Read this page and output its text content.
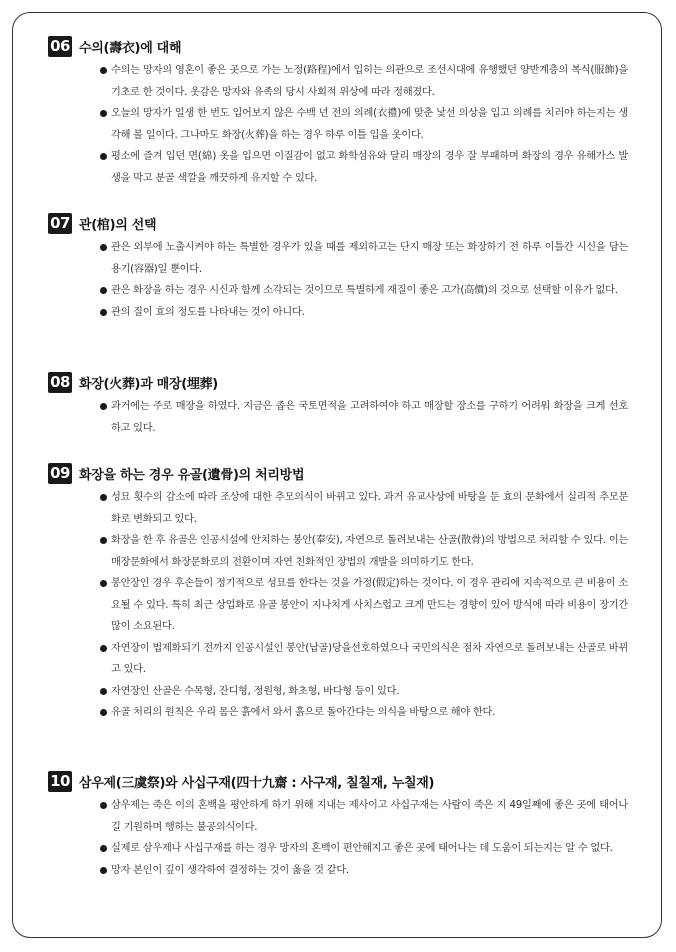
06 수의(壽衣)에 대해
수의는 망자의 영혼이 좋은 곳으로 가는 노정(路程)에서 입히는 의관으로 조선시대에 유행했던 양반계층의 복식(服飾)을 기초로 한 것이다. 옷감은 망자와 유족의 당시 사회적 위상에 따라 정해졌다.
오늘의 망자가 일생 한 번도 입어보지 않은 수백 년 전의 의례(衣禮)에 맞춘 낯선 의상을 입고 의례를 치러야 하는지는 생각해 볼 일이다. 그나마도 화장(火葬)을 하는 경우 하루 이틀 입을 옷이다.
평소에 즐겨 입던 면(綿) 옷을 입으면 이질감이 없고 화학섬유와 달리 매장의 경우 잘 부패하며 화장의 경우 유해가스 발생을 막고 분골 색깔을 깨끗하게 유지할 수 있다.
07 관(棺)의 선택
관은 외부에 노출시켜야 하는 특별한 경우가 있을 때를 제외하고는 단지 매장 또는 화장하기 전 하루 이틀간 시신을 담는 용기(容器)일 뿐이다.
관은 화장을 하는 경우 시신과 함께 소각되는 것이므로 특별하게 재질이 좋은 고가(高價)의 것으로 선택할 이유가 없다.
관의 질이 효의 정도를 나타내는 것이 아니다.
08 화장(火葬)과 매장(埋葬)
과거에는 주로 매장을 하였다. 지금은 좁은 국토면적을 고려하여야 하고 매장할 장소를 구하기 어려워 화장을 크게 선호하고 있다.
09 화장을 하는 경우 유골(遺骨)의 처리방법
성묘 횟수의 감소에 따라 조상에 대한 추모의식이 바뀌고 있다. 과거 유교사상에 바탕을 둔 효의 문화에서 실리적 추모문화로 변화되고 있다.
화장을 한 후 유골은 인공시설에 안치하는 봉안(奉安), 자연으로 돌려보내는 산골(散骨)의 방법으로 처리할 수 있다. 이는 매장문화에서 화장문화로의 전환이며 자연 친화적인 장법의 개발을 의미하기도 한다.
봉안장인 경우 후손들이 정기적으로 성묘를 한다는 것을 가정(假定)하는 것이다. 이 경우 관리에 지속적으로 큰 비용이 소요될 수 있다. 특히 최근 상업화로 유골 봉안이 지나치게 사치스럽고 크게 만드는 경향이 있어 방식에 따라 비용이 장기간 많이 소요된다.
자연장이 법제화되기 전까지 인공시설인 봉안(납골)당을선호하였으나 국민의식은 점차 자연으로 돌려보내는 산골로 바뀌고 있다.
자연장인 산골은 수목형, 잔디형, 정원형, 화초형, 바다형 등이 있다.
유골 처리의 원칙은 우리 몸은 흙에서 와서 흙으로 돌아간다는 의식을 바탕으로 해야 한다.
10 삼우제(三虞祭)와 사십구재(四十九齋 : 사구재, 칠칠재, 누칠재)
삼우제는 죽은 이의 혼백을 평안하게 하기 위해 지내는 제사이고 사십구재는 사람이 죽은 지 49일째에 좋은 곳에 태어나길 기원하며 행하는 불공의식이다.
실제로 삼우제나 사십구재를 하는 경우 망자의 혼백이 편안해지고 좋은 곳에 태어나는 데 도움이 되는지는 알 수 없다.
망자 본인이 깊이 생각하여 결정하는 것이 옳을 것 같다.
